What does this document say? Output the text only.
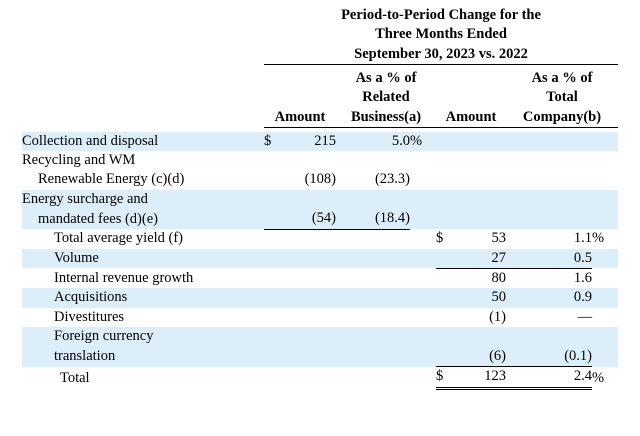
	Period-to-Period Change for the							
	Three Months Ended							
	September 30, 2023 vs. 2022							

			As a % of				As a % of	
			Related				Total	
	Amount		Business(a)		Amount		Company(b)	

Collection and disposal	$	215	5.0	%				
Recycling and WM								
Renewable Energy (c)(d)		(108)	(23.3)					
Energy surcharge and								
mandated fees (d)(e)		(54)	(18.4)					
Total average yield (f)					$	53	1.1	%
Volume						27	0.5	
Internal revenue growth						80	1.6	
Acquisitions						50	0.9	
Divestitures						(1)	—	
Foreign currency								
translation						(6)	(0.1)	
Total					$	123	2.4	%
